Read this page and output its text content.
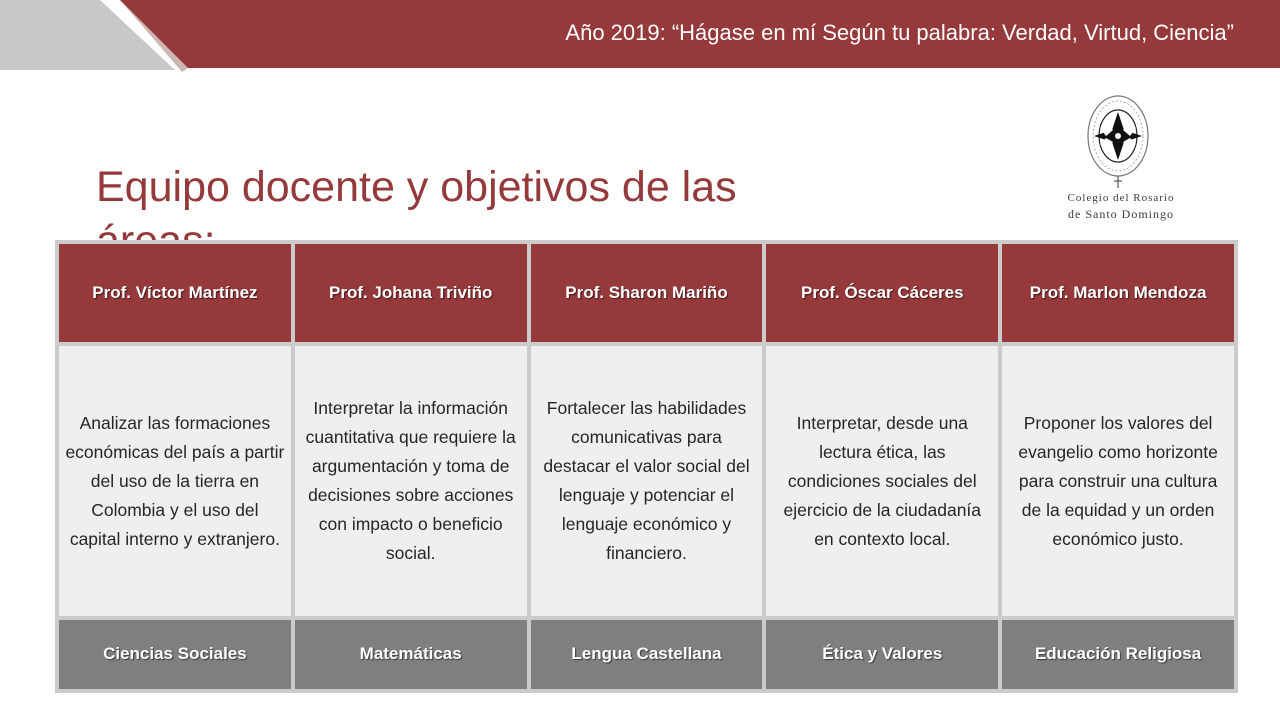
Año 2019: “Hágase en mí Según tu palabra: Verdad, Virtud, Ciencia”
Equipo docente y objetivos de las	Colegio del Rosario
de Santo Domingo
Prof. Víctor Martínez	Prof. Johana Triviño	Prof. Sharon Mariño	Prof. Óscar Cáceres	Prof. Marlon Mendoza
Analizar las formaciones económicas del país a partir del uso de la tierra en Colombia y el uso del capital interno y extranjero.	Interpretar la información cuantitativa que requiere la argumentación y toma de decisiones sobre acciones con impacto o beneficio social.	Fortalecer las habilidades comunicativas para destacar el valor social del lenguaje y potenciar el lenguaje económico y financiero.	Interpretar, desde una lectura ética, las condiciones sociales del ejercicio de la ciudadanía en contexto local.	Proponer los valores del evangelio como horizonte para construir una cultura de la equidad y un orden económico justo.
Ciencias Sociales	Matemáticas	Lengua Castellana	Ética y Valores	Educación Religiosa
